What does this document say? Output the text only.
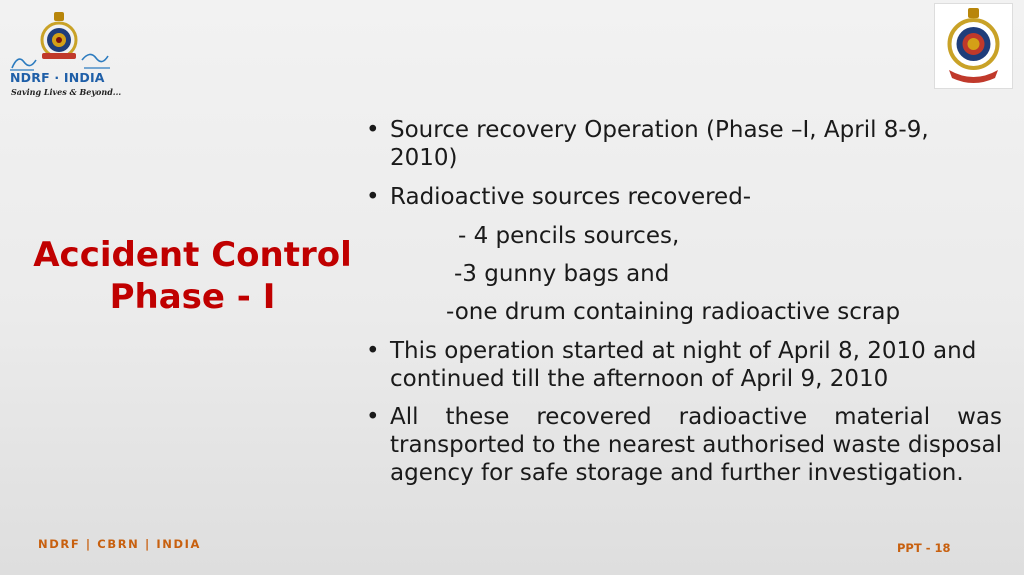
NDRF · INDIA
Saving Lives & Beyond...
Accident Control
Phase - I
• Source recovery Operation (Phase –I, April 8-9, 2010)
• Radioactive sources recovered-
- 4 pencils sources,
-3 gunny bags and
-one drum containing radioactive scrap
• This operation started at night of April 8, 2010 and continued till the afternoon of April 9, 2010
• All these recovered radioactive material was transported to the nearest authorised waste disposal agency for safe storage and further investigation.
NDRF | CBRN | INDIA	PPT - 18
